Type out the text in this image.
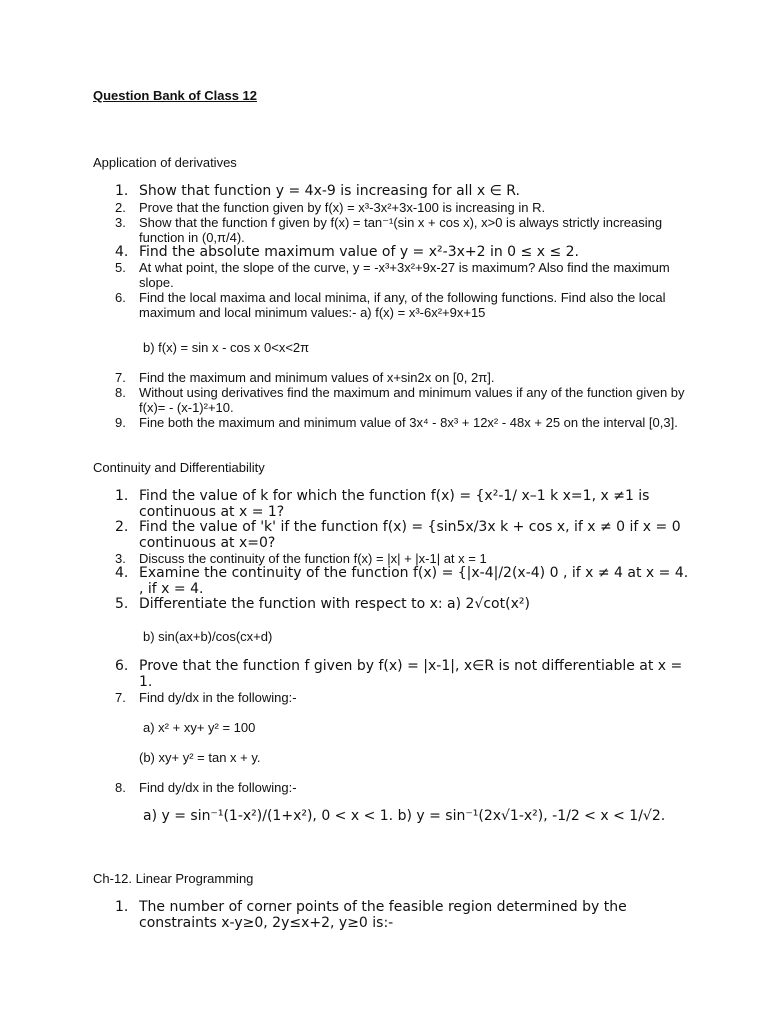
Question Bank of Class 12
Application of derivatives
1. Show that function y = 4x-9 is increasing for all x ∈ R.
2. Prove that the function given by f(x) = x³-3x²+3x-100 is increasing in R.
3. Show that the function f given by f(x) = tan⁻¹(sin x + cos x), x>0 is always strictly increasing function in (0,π/4).
4. Find the absolute maximum value of y = x²-3x+2 in 0 ≤ x ≤ 2.
5. At what point, the slope of the curve, y = -x³+3x²+9x-27 is maximum? Also find the maximum slope.
6. Find the local maxima and local minima, if any, of the following functions. Find also the local maximum and local minimum values:- a) f(x) = x³-6x²+9x+15
b) f(x) = sin x - cos x 0<x<2π
7. Find the maximum and minimum values of x+sin2x on [0, 2π].
8. Without using derivatives find the maximum and minimum values if any of the function given by f(x)= - (x-1)²+10.
9. Fine both the maximum and minimum value of 3x⁴ - 8x³ + 12x² - 48x + 25 on the interval [0,3].
Continuity and Differentiability
1. Find the value of k for which the function f(x) = {x²-1/ x–1 k x=1, x ≠1 is continuous at x = 1?
2. Find the value of 'k' if the function f(x) = {sin5x/3x k + cos x, if x ≠ 0 if x = 0 continuous at x=0?
3. Discuss the continuity of the function f(x) = |x| + |x-1| at x = 1
4. Examine the continuity of the function f(x) = {|x-4|/2(x-4) 0 , if x ≠ 4 at x = 4. , if x = 4.
5. Differentiate the function with respect to x: a) 2√cot(x²)
b) sin(ax+b)/cos(cx+d)
6. Prove that the function f given by f(x) = |x-1|, x∈R is not differentiable at x = 1.
7. Find dy/dx in the following:-
a) x² + xy+ y² = 100
(b) xy+ y² = tan x + y.
8. Find dy/dx in the following:-
a) y = sin⁻¹(1-x²)/(1+x²), 0 < x < 1. b) y = sin⁻¹(2x√1-x²), -1/2 < x < 1/√2.
Ch-12. Linear Programming
1. The number of corner points of the feasible region determined by the constraints x-y≥0, 2y≤x+2, y≥0 is:-
